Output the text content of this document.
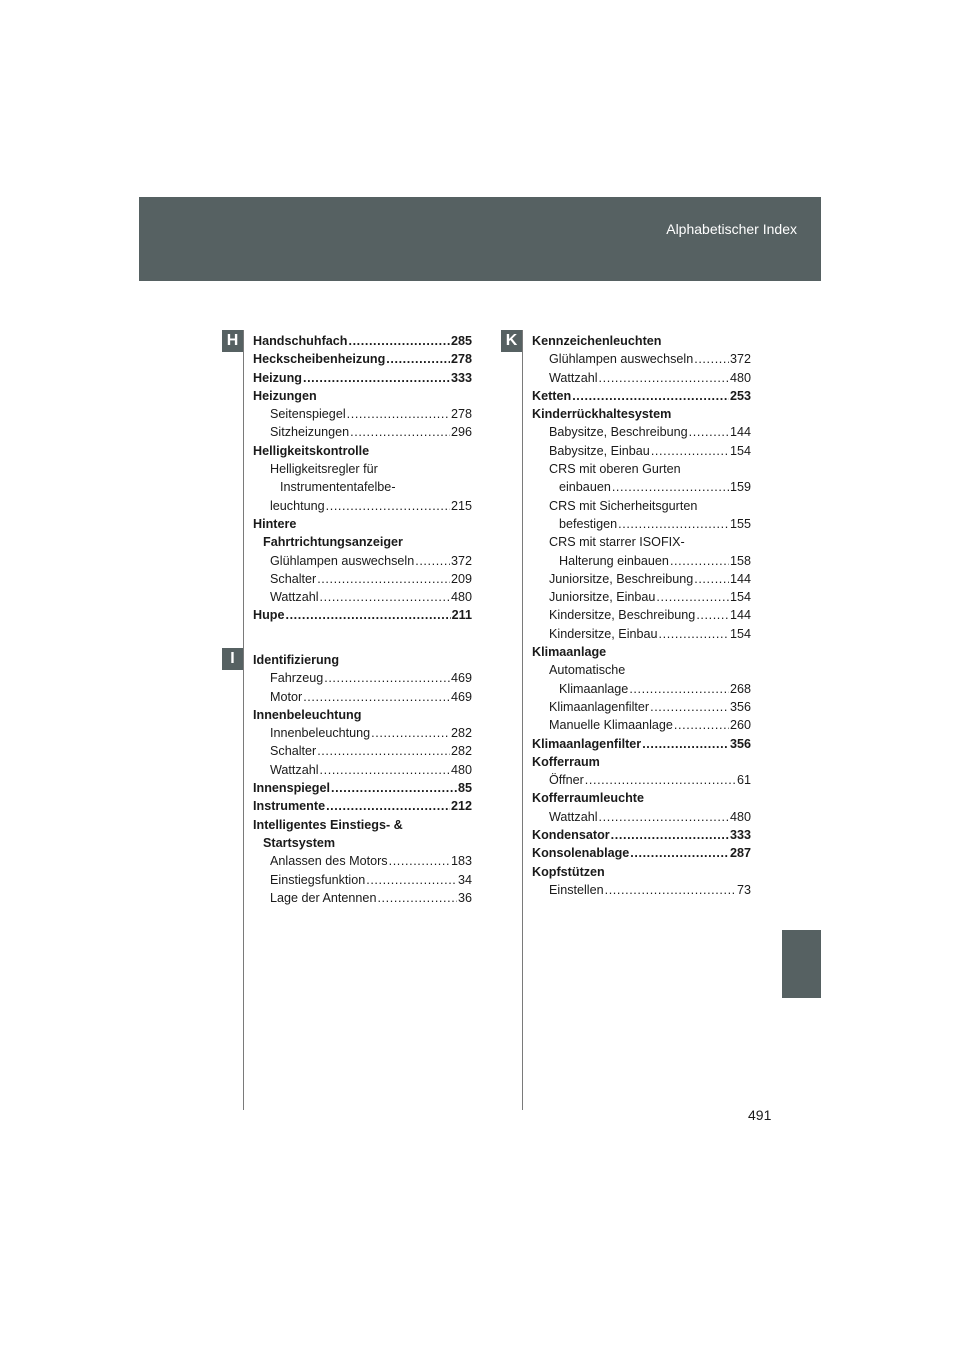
Alphabetischer Index
H
I
K
Handschuhfach .....	285
Heckscheibenheizung .....	278
Heizung .....	333
Heizungen
Seitenspiegel .....	278
Sitzheizungen .....	296
Helligkeitskontrolle
Helligkeitsregler für
Instrumententafelbe-
leuchtung .....	215
Hintere
Fahrtrichtungsanzeiger
Glühlampen auswechseln .....	372
Schalter .....	209
Wattzahl .....	480
Hupe .....	211
Identifizierung
Fahrzeug .....	469
Motor .....	469
Innenbeleuchtung
Innenbeleuchtung .....	282
Schalter .....	282
Wattzahl .....	480
Innenspiegel .....	85
Instrumente .....	212
Intelligentes Einstiegs- &
Startsystem
Anlassen des Motors .....	183
Einstiegsfunktion .....	34
Lage der Antennen .....	36
Kennzeichenleuchten
Glühlampen auswechseln .....	372
Wattzahl .....	480
Ketten .....	253
Kinderrückhaltesystem
Babysitze, Beschreibung .....	144
Babysitze, Einbau .....	154
CRS mit oberen Gurten
einbauen .....	159
CRS mit Sicherheitsgurten
befestigen .....	155
CRS mit starrer ISOFIX-
Halterung einbauen .....	158
Juniorsitze, Beschreibung .....	144
Juniorsitze, Einbau .....	154
Kindersitze, Beschreibung .....	144
Kindersitze, Einbau .....	154
Klimaanlage
Automatische
Klimaanlage .....	268
Klimaanlagenfilter .....	356
Manuelle Klimaanlage .....	260
Klimaanlagenfilter .....	356
Kofferraum
Öffner .....	61
Kofferraumleuchte
Wattzahl .....	480
Kondensator .....	333
Konsolenablage .....	287
Kopfstützen
Einstellen .....	73
491
